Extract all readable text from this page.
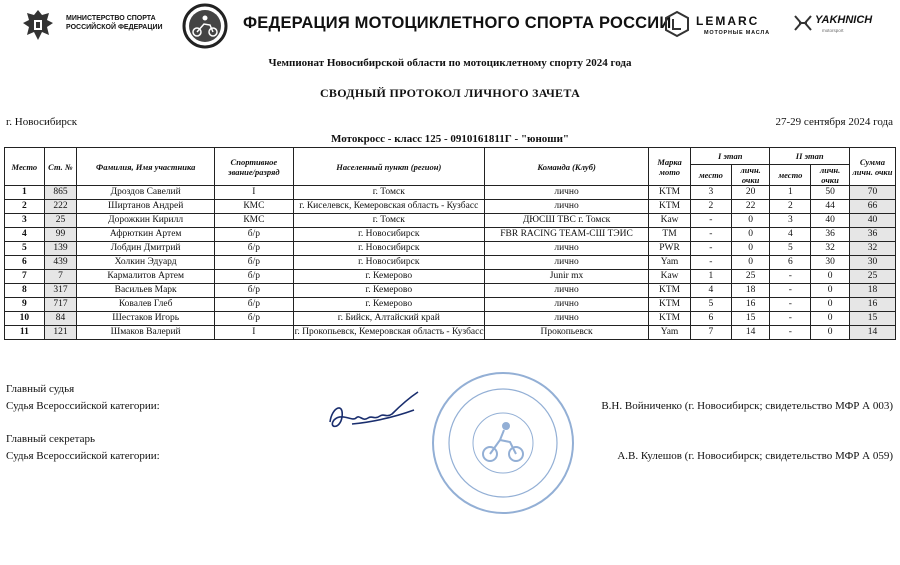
МИНИСТЕРСТВО СПОРТА
РОССИЙСКОЙ ФЕДЕРАЦИИ	ФЕДЕРАЦИЯ МОТОЦИКЛЕТНОГО СПОРТА РОССИИ LEMARC
МОТОРНЫЕ МАСЛА
YAKHNICH
motorsport
Чемпионат Новосибирской области по мотоциклетному спорту 2024 года
СВОДНЫЙ ПРОТОКОЛ ЛИЧНОГО ЗАЧЕТА
г. Новосибирск	27-29 сентября 2024 года
Мотокросс - класс 125 - 0910161811Г - "юноши"
Место	Ст. №	Фамилия, Имя участника	Спортивное звание/разряд	Населенный пункт (регион)	Команда (Клуб)	Марка мото	I этап		II этап		Сумма личн. очки
							место	личн. очки	место	личн. очки	
1	865	Дроздов Савелий	I	г. Томск	лично	KTM	3	20	1	50	70
2	222	Ширтанов Андрей	КМС	г. Киселевск, Кемеровская область - Кузбасс	лично	KTM	2	22	2	44	66
3	25	Дорожкин Кирилл	КМС	г. Томск	ДЮСШ ТВС г. Томск	Kaw	-	0	3	40	40
4	99	Афрюткин Артем	б/р	г. Новосибирск	FBR RACING TEAM-СШ ТЭИС	TM	-	0	4	36	36
5	139	Лобдин Дмитрий	б/р	г. Новосибирск	лично	PWR	-	0	5	32	32
6	439	Холкин Эдуард	б/р	г. Новосибирск	лично	Yam	-	0	6	30	30
7	7	Кармалитов Артем	б/р	г. Кемерово	Junir mx	Kaw	1	25	-	0	25
8	317	Васильев Марк	б/р	г. Кемерово	лично	KTM	4	18	-	0	18
9	717	Ковалев Глеб	б/р	г. Кемерово	лично	KTM	5	16	-	0	16
10	84	Шестаков Игорь	б/р	г. Бийск, Алтайский край	лично	KTM	6	15	-	0	15
11	121	Шмаков Валерий	I	г. Прокопьевск, Кемеровская область - Кузбасс	Прокопьевск	Yam	7	14	-	0	14
Главный судья
Судья Всероссийской категории:	В.Н. Войниченко (г. Новосибирск; свидетельство МФР А 003)
Главный секретарь
Судья Всероссийской категории:	А.В. Кулешов (г. Новосибирск; свидетельство МФР А 059)
